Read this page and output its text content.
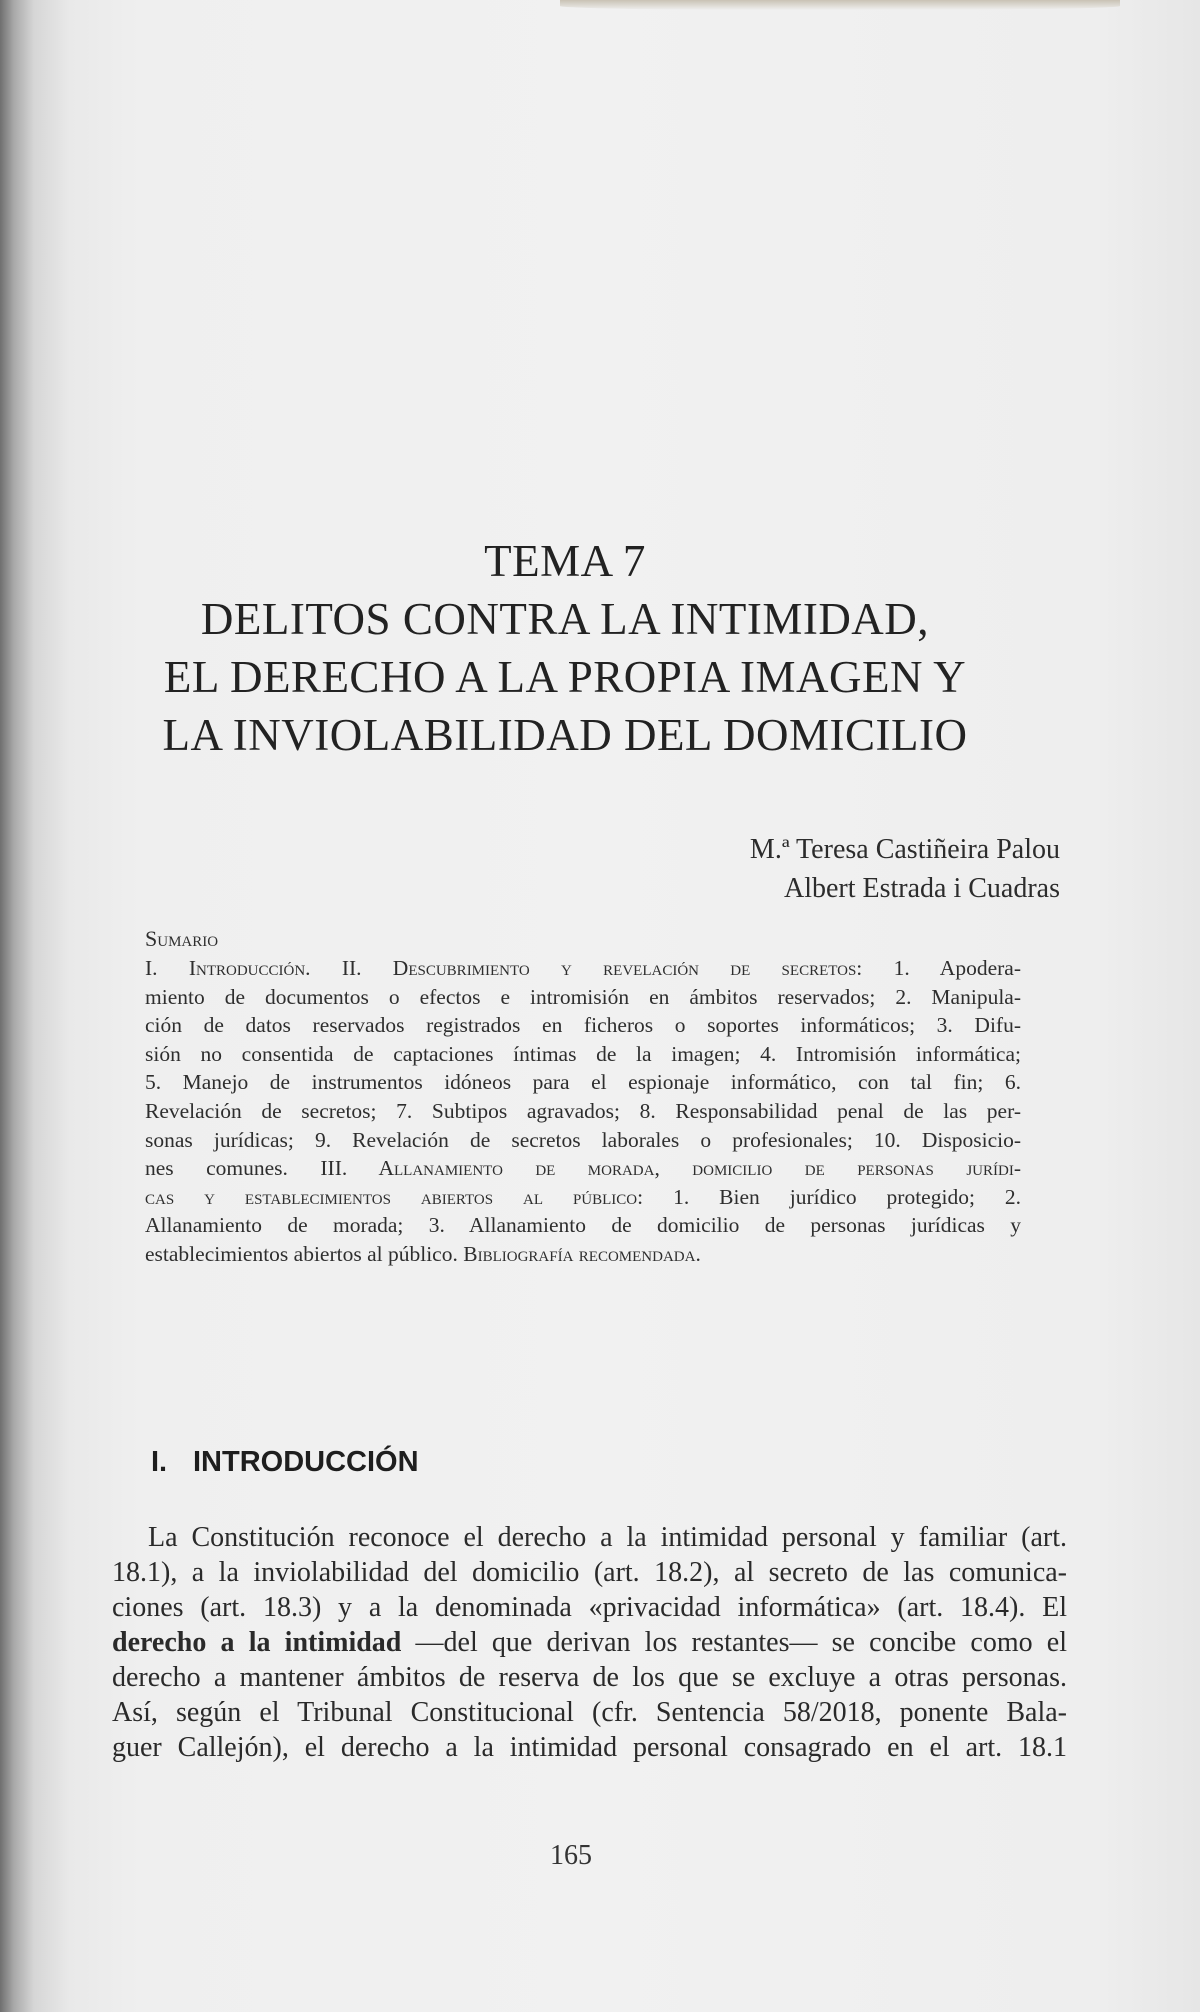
TEMA 7
DELITOS CONTRA LA INTIMIDAD,
EL DERECHO A LA PROPIA IMAGEN Y
LA INVIOLABILIDAD DEL DOMICILIO
M.ª Teresa Castiñeira Palou
Albert Estrada i Cuadras
Sumario
I. Introducción. II. Descubrimiento y revelación de secretos: 1. Apodera-
miento de documentos o efectos e intromisión en ámbitos reservados; 2. Manipula-
ción de datos reservados registrados en ficheros o soportes informáticos; 3. Difu-
sión no consentida de captaciones íntimas de la imagen; 4. Intromisión informática;
5. Manejo de instrumentos idóneos para el espionaje informático, con tal fin; 6.
Revelación de secretos; 7. Subtipos agravados; 8. Responsabilidad penal de las per-
sonas jurídicas; 9. Revelación de secretos laborales o profesionales; 10. Disposicio-
nes comunes. III. Allanamiento de morada, domicilio de personas jurídi-
cas y establecimientos abiertos al público: 1. Bien jurídico protegido; 2.
Allanamiento de morada; 3. Allanamiento de domicilio de personas jurídicas y
establecimientos abiertos al público. Bibliografía recomendada.
I. INTRODUCCIÓN
La Constitución reconoce el derecho a la intimidad personal y familiar (art.
18.1), a la inviolabilidad del domicilio (art. 18.2), al secreto de las comunica-
ciones (art. 18.3) y a la denominada «privacidad informática» (art. 18.4). El
derecho a la intimidad —del que derivan los restantes— se concibe como el
derecho a mantener ámbitos de reserva de los que se excluye a otras personas.
Así, según el Tribunal Constitucional (cfr. Sentencia 58/2018, ponente Bala-
guer Callejón), el derecho a la intimidad personal consagrado en el art. 18.1
165
